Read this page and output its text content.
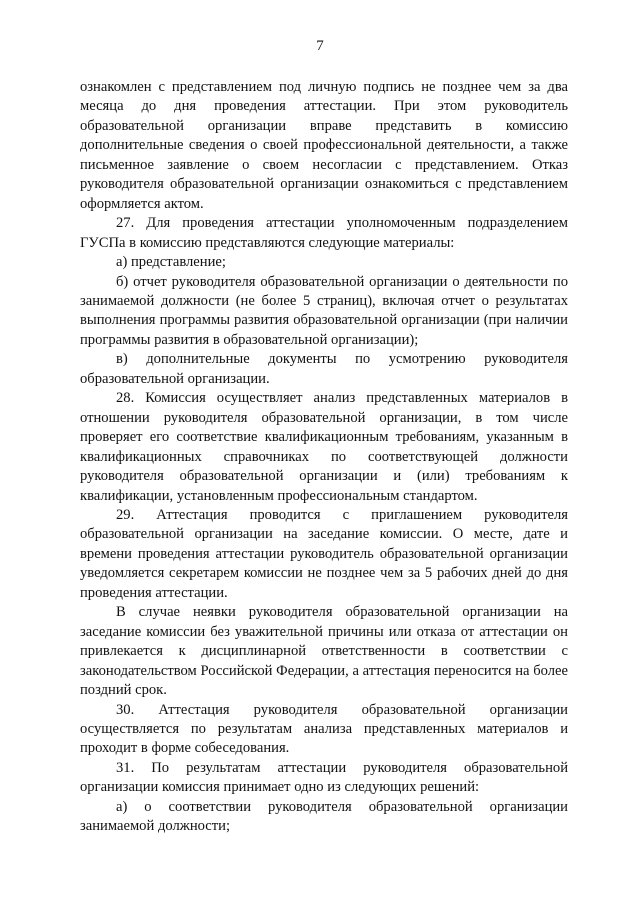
7

ознакомлен с представлением под личную подпись не позднее чем за два месяца до дня проведения аттестации. При этом руководитель образовательной организации вправе представить в комиссию дополнительные сведения о своей профессиональной деятельности, а также письменное заявление о своем несогласии с представлением. Отказ руководителя образовательной организации ознакомиться с представлением оформляется актом.

27. Для проведения аттестации уполномоченным подразделением ГУСПа в комиссию представляются следующие материалы:

а) представление;

б) отчет руководителя образовательной организации о деятельности по занимаемой должности (не более 5 страниц), включая отчет о результатах выполнения программы развития образовательной организации (при наличии программы развития в образовательной организации);

в) дополнительные документы по усмотрению руководителя образовательной организации.

28. Комиссия осуществляет анализ представленных материалов в отношении руководителя образовательной организации, в том числе проверяет его соответствие квалификационным требованиям, указанным в квалификационных справочниках по соответствующей должности руководителя образовательной организации и (или) требованиям к квалификации, установленным профессиональным стандартом.

29. Аттестация проводится с приглашением руководителя образовательной организации на заседание комиссии. О месте, дате и времени проведения аттестации руководитель образовательной организации уведомляется секретарем комиссии не позднее чем за 5 рабочих дней до дня проведения аттестации.

В случае неявки руководителя образовательной организации на заседание комиссии без уважительной причины или отказа от аттестации он привлекается к дисциплинарной ответственности в соответствии с законодательством Российской Федерации, а аттестация переносится на более поздний срок.

30. Аттестация руководителя образовательной организации осуществляется по результатам анализа представленных материалов и проходит в форме собеседования.

31. По результатам аттестации руководителя образовательной организации комиссия принимает одно из следующих решений:

а) о соответствии руководителя образовательной организации занимаемой должности;
